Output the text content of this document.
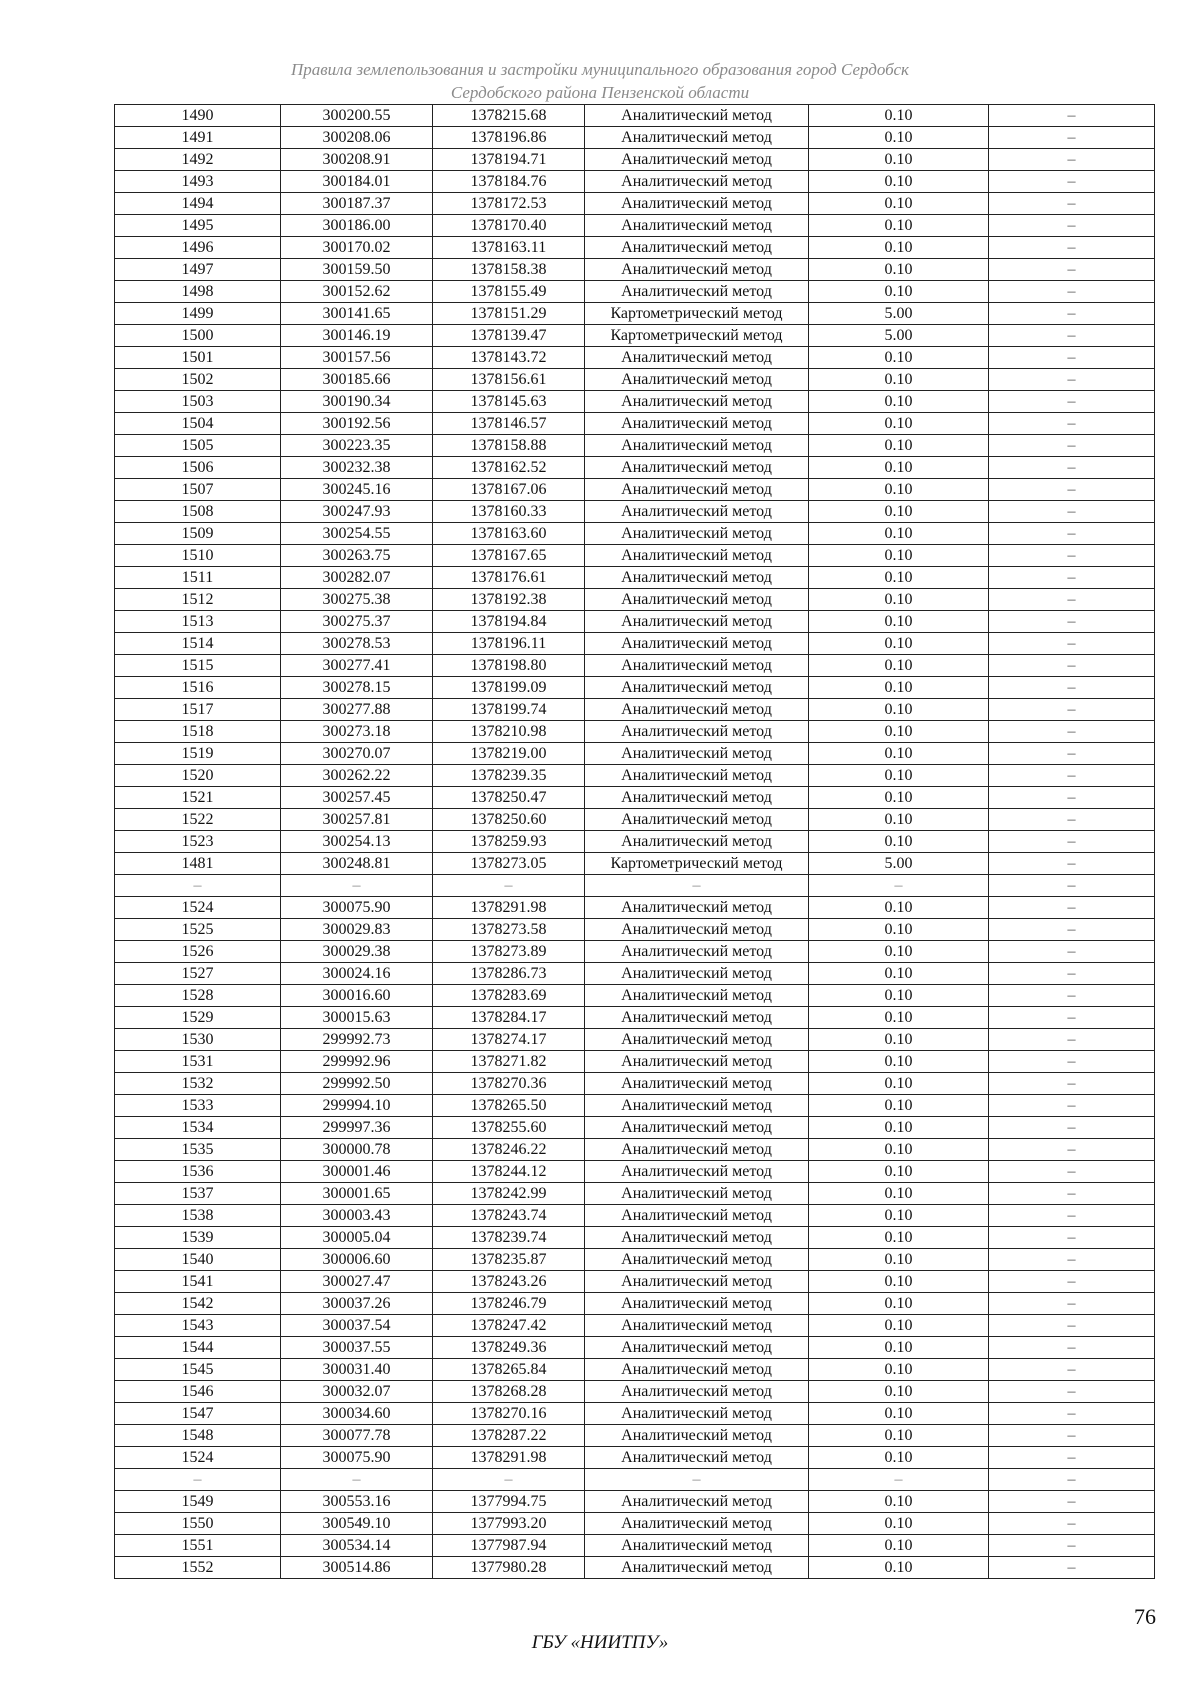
Правила землепользования и застройки муниципального образования город Сердобск
Сердобского района Пензенской области
1490	300200.55	1378215.68	Аналитический метод	0.10	–
1491	300208.06	1378196.86	Аналитический метод	0.10	–
1492	300208.91	1378194.71	Аналитический метод	0.10	–
1493	300184.01	1378184.76	Аналитический метод	0.10	–
1494	300187.37	1378172.53	Аналитический метод	0.10	–
1495	300186.00	1378170.40	Аналитический метод	0.10	–
1496	300170.02	1378163.11	Аналитический метод	0.10	–
1497	300159.50	1378158.38	Аналитический метод	0.10	–
1498	300152.62	1378155.49	Аналитический метод	0.10	–
1499	300141.65	1378151.29	Картометрический метод	5.00	–
1500	300146.19	1378139.47	Картометрический метод	5.00	–
1501	300157.56	1378143.72	Аналитический метод	0.10	–
1502	300185.66	1378156.61	Аналитический метод	0.10	–
1503	300190.34	1378145.63	Аналитический метод	0.10	–
1504	300192.56	1378146.57	Аналитический метод	0.10	–
1505	300223.35	1378158.88	Аналитический метод	0.10	–
1506	300232.38	1378162.52	Аналитический метод	0.10	–
1507	300245.16	1378167.06	Аналитический метод	0.10	–
1508	300247.93	1378160.33	Аналитический метод	0.10	–
1509	300254.55	1378163.60	Аналитический метод	0.10	–
1510	300263.75	1378167.65	Аналитический метод	0.10	–
1511	300282.07	1378176.61	Аналитический метод	0.10	–
1512	300275.38	1378192.38	Аналитический метод	0.10	–
1513	300275.37	1378194.84	Аналитический метод	0.10	–
1514	300278.53	1378196.11	Аналитический метод	0.10	–
1515	300277.41	1378198.80	Аналитический метод	0.10	–
1516	300278.15	1378199.09	Аналитический метод	0.10	–
1517	300277.88	1378199.74	Аналитический метод	0.10	–
1518	300273.18	1378210.98	Аналитический метод	0.10	–
1519	300270.07	1378219.00	Аналитический метод	0.10	–
1520	300262.22	1378239.35	Аналитический метод	0.10	–
1521	300257.45	1378250.47	Аналитический метод	0.10	–
1522	300257.81	1378250.60	Аналитический метод	0.10	–
1523	300254.13	1378259.93	Аналитический метод	0.10	–
1481	300248.81	1378273.05	Картометрический метод	5.00	–
–	–	–	–	–	–
1524	300075.90	1378291.98	Аналитический метод	0.10	–
1525	300029.83	1378273.58	Аналитический метод	0.10	–
1526	300029.38	1378273.89	Аналитический метод	0.10	–
1527	300024.16	1378286.73	Аналитический метод	0.10	–
1528	300016.60	1378283.69	Аналитический метод	0.10	–
1529	300015.63	1378284.17	Аналитический метод	0.10	–
1530	299992.73	1378274.17	Аналитический метод	0.10	–
1531	299992.96	1378271.82	Аналитический метод	0.10	–
1532	299992.50	1378270.36	Аналитический метод	0.10	–
1533	299994.10	1378265.50	Аналитический метод	0.10	–
1534	299997.36	1378255.60	Аналитический метод	0.10	–
1535	300000.78	1378246.22	Аналитический метод	0.10	–
1536	300001.46	1378244.12	Аналитический метод	0.10	–
1537	300001.65	1378242.99	Аналитический метод	0.10	–
1538	300003.43	1378243.74	Аналитический метод	0.10	–
1539	300005.04	1378239.74	Аналитический метод	0.10	–
1540	300006.60	1378235.87	Аналитический метод	0.10	–
1541	300027.47	1378243.26	Аналитический метод	0.10	–
1542	300037.26	1378246.79	Аналитический метод	0.10	–
1543	300037.54	1378247.42	Аналитический метод	0.10	–
1544	300037.55	1378249.36	Аналитический метод	0.10	–
1545	300031.40	1378265.84	Аналитический метод	0.10	–
1546	300032.07	1378268.28	Аналитический метод	0.10	–
1547	300034.60	1378270.16	Аналитический метод	0.10	–
1548	300077.78	1378287.22	Аналитический метод	0.10	–
1524	300075.90	1378291.98	Аналитический метод	0.10	–
–	–	–	–	–	–
1549	300553.16	1377994.75	Аналитический метод	0.10	–
1550	300549.10	1377993.20	Аналитический метод	0.10	–
1551	300534.14	1377987.94	Аналитический метод	0.10	–
1552	300514.86	1377980.28	Аналитический метод	0.10	–
76
ГБУ «НИИТПУ»
